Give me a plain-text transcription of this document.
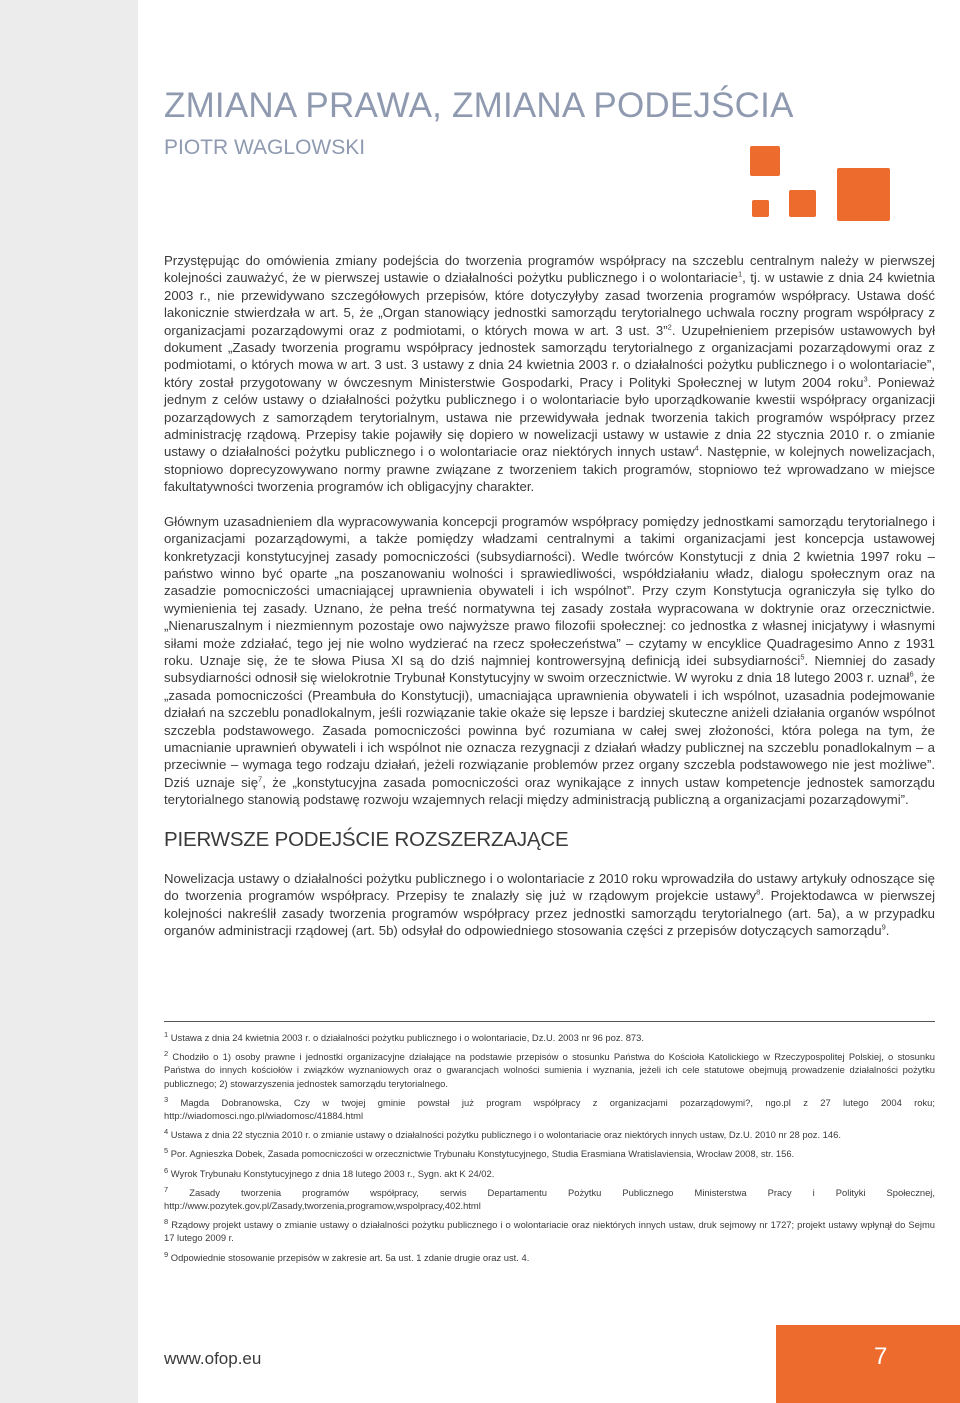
ZMIANA PRAWA, ZMIANA PODEJŚCIA
PIOTR WAGLOWSKI

Przystępując do omówienia zmiany podejścia do tworzenia programów współpracy na szczeblu centralnym należy w pierwszej kolejności zauważyć, że w pierwszej ustawie o działalności pożytku publicznego i o wolontariacie$^1$, tj. w ustawie z dnia 24 kwietnia 2003 r., nie przewidywano szczegółowych przepisów, które dotyczyłyby zasad tworzenia programów współpracy. Ustawa dość lakonicznie stwierdzała w art. 5, że „Organ stanowiący jednostki samorządu terytorialnego uchwala roczny program współpracy z organizacjami pozarządowymi oraz z podmiotami, o których mowa w art. 3 ust. 3”$^2$. Uzupełnieniem przepisów ustawowych był dokument „Zasady tworzenia programu współpracy jednostek samorządu terytorialnego z organizacjami pozarządowymi oraz z podmiotami, o których mowa w art. 3 ust. 3 ustawy z dnia 24 kwietnia 2003 r. o działalności pożytku publicznego i o wolontariacie”, który został przygotowany w ówczesnym Ministerstwie Gospodarki, Pracy i Polityki Społecznej w lutym 2004 roku$^3$. Ponieważ jednym z celów ustawy o działalności pożytku publicznego i o wolontariacie było uporządkowanie kwestii współpracy organizacji pozarządowych z samorządem terytorialnym, ustawa nie przewidywała jednak tworzenia takich programów współpracy przez administrację rządową. Przepisy takie pojawiły się dopiero w nowelizacji ustawy w ustawie z dnia 22 stycznia 2010 r. o zmianie ustawy o działalności pożytku publicznego i o wolontariacie oraz niektórych innych ustaw$^4$. Następnie, w kolejnych nowelizacjach, stopniowo doprecyzowywano normy prawne związane z tworzeniem takich programów, stopniowo też wprowadzano w miejsce fakultatywności tworzenia programów ich obligacyjny charakter.

Głównym uzasadnieniem dla wypracowywania koncepcji programów współpracy pomiędzy jednostkami samorządu terytorialnego i organizacjami pozarządowymi, a także pomiędzy władzami centralnymi a takimi organizacjami jest koncepcja ustawowej konkretyzacji konstytucyjnej zasady pomocniczości (subsydiarności). Wedle twórców Konstytucji z dnia 2 kwietnia 1997 roku – państwo winno być oparte „na poszanowaniu wolności i sprawiedliwości, współdziałaniu władz, dialogu społecznym oraz na zasadzie pomocniczości umacniającej uprawnienia obywateli i ich wspólnot”. Przy czym Konstytucja ograniczyła się tylko do wymienienia tej zasady. Uznano, że pełna treść normatywna tej zasady została wypracowana w doktrynie oraz orzecznictwie. „Nienaruszalnym i niezmiennym pozostaje owo najwyższe prawo filozofii społecznej: co jednostka z własnej inicjatywy i własnymi siłami może zdziałać, tego jej nie wolno wydzierać na rzecz społeczeństwa” – czytamy w encyklice Quadragesimo Anno z 1931 roku. Uznaje się, że te słowa Piusa XI są do dziś najmniej kontrowersyjną definicją idei subsydiarności$^5$. Niemniej do zasady subsydiarności odnosił się wielokrotnie Trybunał Konstytucyjny w swoim orzecznictwie. W wyroku z dnia 18 lutego 2003 r. uznał$^6$, że „zasada pomocniczości (Preambuła do Konstytucji), umacniająca uprawnienia obywateli i ich wspólnot, uzasadnia podejmowanie działań na szczeblu ponadlokalnym, jeśli rozwiązanie takie okaże się lepsze i bardziej skuteczne aniżeli działania organów wspólnot szczebla podstawowego. Zasada pomocniczości powinna być rozumiana w całej swej złożoności, która polega na tym, że umacnianie uprawnień obywateli i ich wspólnot nie oznacza rezygnacji z działań władzy publicznej na szczeblu ponadlokalnym – a przeciwnie – wymaga tego rodzaju działań, jeżeli rozwiązanie problemów przez organy szczebla podstawowego nie jest możliwe”. Dziś uznaje się$^7$, że „konstytucyjna zasada pomocniczości oraz wynikające z innych ustaw kompetencje jednostek samorządu terytorialnego stanowią podstawę rozwoju wzajemnych relacji między administracją publiczną a organizacjami pozarządowymi”.

PIERWSZE PODEJŚCIE ROZSZERZAJĄCE

Nowelizacja ustawy o działalności pożytku publicznego i o wolontariacie z 2010 roku wprowadziła do ustawy artykuły odnoszące się do tworzenia programów współpracy. Przepisy te znalazły się już w rządowym projekcie ustawy$^8$. Projektodawca w pierwszej kolejności nakreślił zasady tworzenia programów współpracy przez jednostki samorządu terytorialnego (art. 5a), a w przypadku organów administracji rządowej (art. 5b) odsyłał do odpowiedniego stosowania części z przepisów dotyczących samorządu$^9$.

$^1$ Ustawa z dnia 24 kwietnia 2003 r. o działalności pożytku publicznego i o wolontariacie, Dz.U. 2003 nr 96 poz. 873.

$^2$ Chodziło o 1) osoby prawne i jednostki organizacyjne działające na podstawie przepisów o stosunku Państwa do Kościoła Katolickiego w Rzeczypospolitej Polskiej, o stosunku Państwa do innych kościołów i związków wyznaniowych oraz o gwarancjach wolności sumienia i wyznania, jeżeli ich cele statutowe obejmują prowadzenie działalności pożytku publicznego; 2) stowarzyszenia jednostek samorządu terytorialnego.

$^3$ Magda Dobranowska, Czy w twojej gminie powstał już program współpracy z organizacjami pozarządowymi?, ngo.pl z 27 lutego 2004 roku; http://wiadomosci.ngo.pl/wiadomosc/41884.html

$^4$ Ustawa z dnia 22 stycznia 2010 r. o zmianie ustawy o działalności pożytku publicznego i o wolontariacie oraz niektórych innych ustaw, Dz.U. 2010 nr 28 poz. 146.

$^5$ Por. Agnieszka Dobek, Zasada pomocniczości w orzecznictwie Trybunału Konstytucyjnego, Studia Erasmiana Wratislaviensia, Wrocław 2008, str. 156.

$^6$ Wyrok Trybunału Konstytucyjnego z dnia 18 lutego 2003 r., Sygn. akt K 24/02.

$^7$ Zasady tworzenia programów współpracy, serwis Departamentu Pożytku Publicznego Ministerstwa Pracy i Polityki Społecznej, http://www.pozytek.gov.pl/Zasady,tworzenia,programow,wspolpracy,402.html

$^8$ Rządowy projekt ustawy o zmianie ustawy o działalności pożytku publicznego i o wolontariacie oraz niektórych innych ustaw, druk sejmowy nr 1727; projekt ustawy wpłynął do Sejmu 17 lutego 2009 r.

$^9$ Odpowiednie stosowanie przepisów w zakresie art. 5a ust. 1 zdanie drugie oraz ust. 4.

www.ofop.eu	7
